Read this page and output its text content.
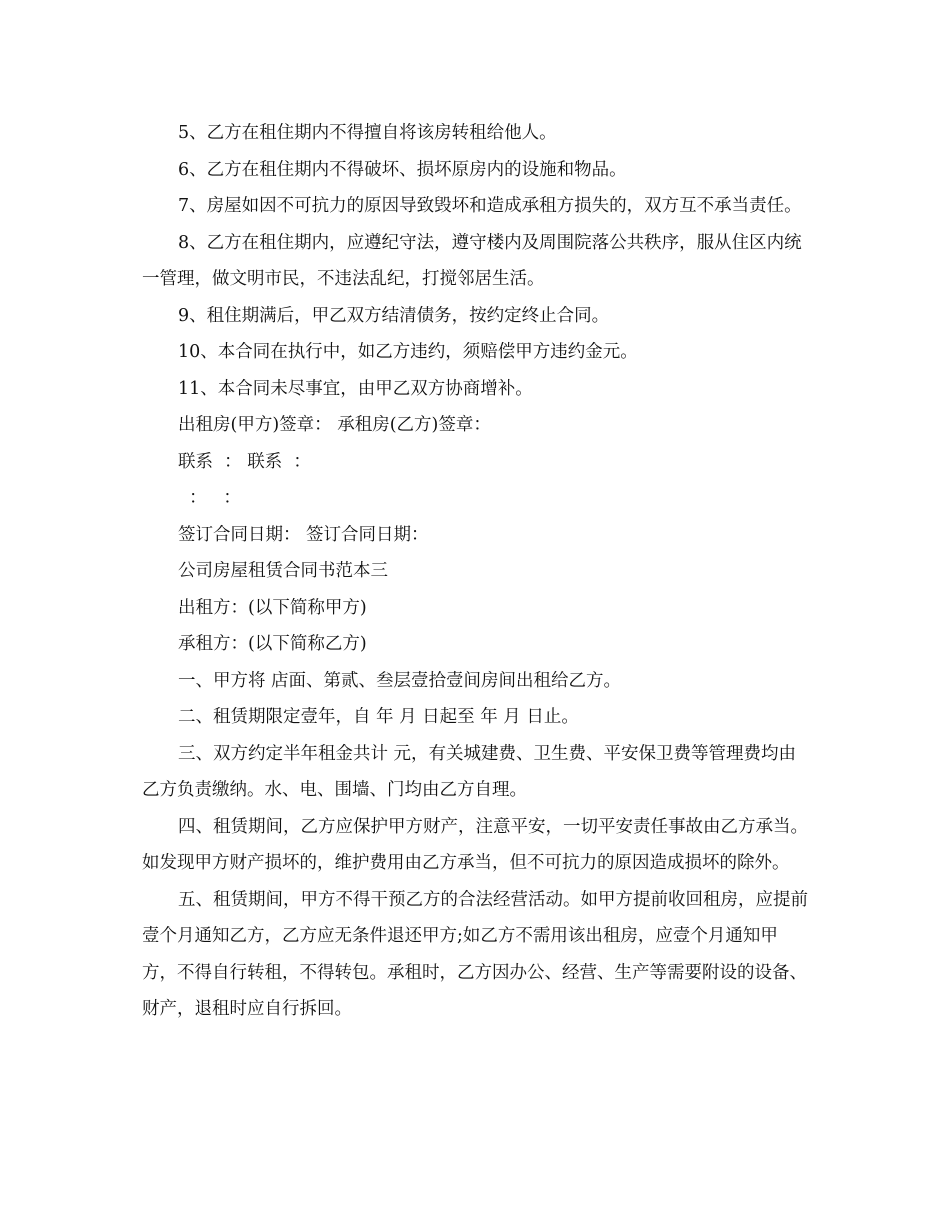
5、乙方在租住期内不得擅自将该房转租给他人。

6、乙方在租住期内不得破坏、损坏原房内的设施和物品。

7、房屋如因不可抗力的原因导致毁坏和造成承租方损失的，双方互不承当责任。

8、乙方在租住期内，应遵纪守法，遵守楼内及周围院落公共秩序，服从住区内统一管理，做文明市民，不违法乱纪，打搅邻居生活。

9、租住期满后，甲乙双方结清债务，按约定终止合同。

10、本合同在执行中，如乙方违约，须赔偿甲方违约金元。

11、本合同未尽事宜，由甲乙双方协商增补。

出租房(甲方)签章： 承租房(乙方)签章：

联系  ： 联系  ：

：   ：

签订合同日期： 签订合同日期：

公司房屋租赁合同书范本三

出租方：(以下简称甲方)

承租方：(以下简称乙方)

一、甲方将 店面、第贰、叁层壹拾壹间房间出租给乙方。

二、租赁期限定壹年，自 年 月 日起至 年 月 日止。

三、双方约定半年租金共计 元，有关城建费、卫生费、平安保卫费等管理费均由乙方负责缴纳。水、电、围墙、门均由乙方自理。

四、租赁期间，乙方应保护甲方财产，注意平安，一切平安责任事故由乙方承当。如发现甲方财产损坏的，维护费用由乙方承当，但不可抗力的原因造成损坏的除外。

五、租赁期间，甲方不得干预乙方的合法经营活动。如甲方提前收回租房，应提前壹个月通知乙方，乙方应无条件退还甲方;如乙方不需用该出租房，应壹个月通知甲方，不得自行转租，不得转包。承租时，乙方因办公、经营、生产等需要附设的设备、财产，退租时应自行拆回。
